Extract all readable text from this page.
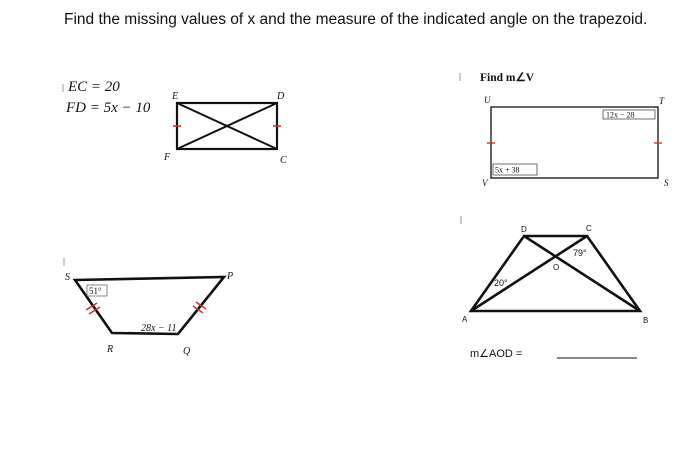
Find the missing values of x and the measure of the indicated angle on the trapezoid.
EC = 20
FD = 5x − 10
E	D
F	C
Find m∠V
12x − 28
5x + 38
U	T
V	S
51°
28x − 11
S	P
R	Q
20°
79°
D	C
O
A	B
m∠AOD =
